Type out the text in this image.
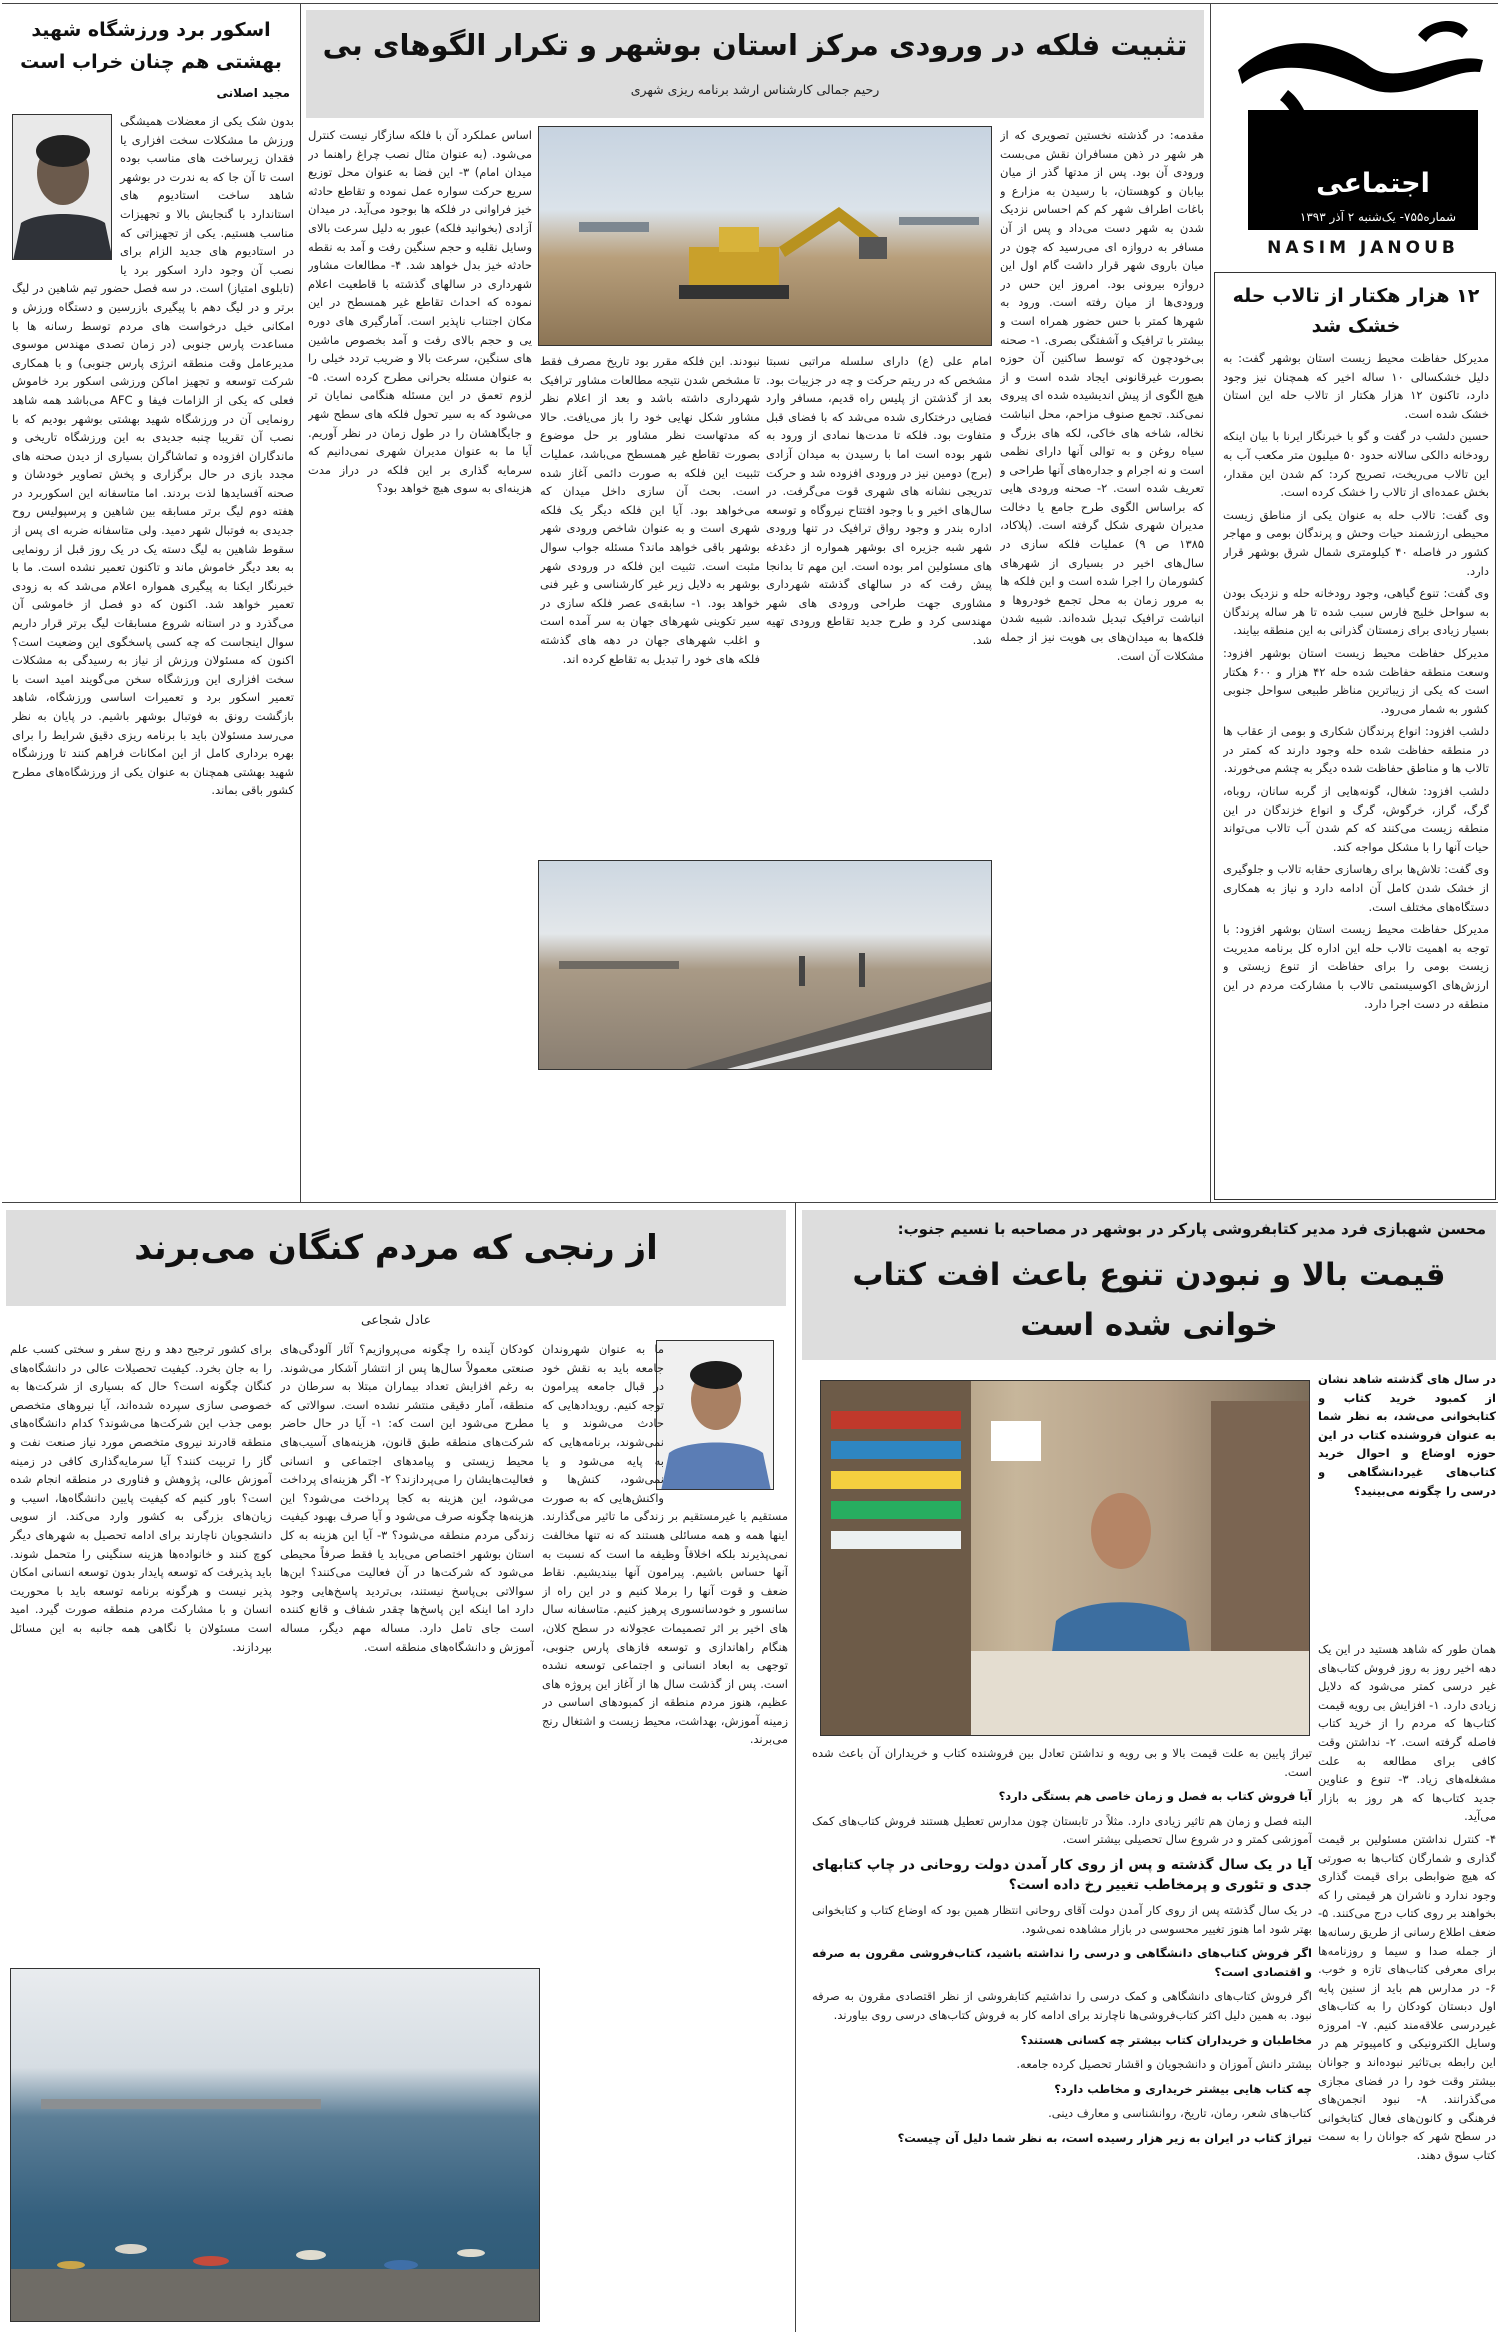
اجتماعی
شماره۷۵۵- یک‌شنبه ۲ آذر ۱۳۹۳
NASIM JANOUB
۱۲ هزار هکتار از تالاب حله خشک شد

مدیرکل حفاظت محیط زیست استان بوشهر گفت: به دلیل خشکسالی ۱۰ ساله اخیر که همچنان نیز وجود دارد، تاکنون ۱۲ هزار هکتار از تالاب حله این استان خشک شده است.

حسین دلشب در گفت و گو با خبرنگار ایرنا با بیان اینکه رودخانه دالکی سالانه حدود ۵۰ میلیون متر مکعب آب به این تالاب می‌ریخت، تصریح کرد: کم شدن این مقدار، بخش عمده‌ای از تالاب را خشک کرده است.

وی گفت: تالاب حله به عنوان یکی از مناطق زیست محیطی ارزشمند حیات وحش و پرندگان بومی و مهاجر کشور در فاصله ۴۰ کیلومتری شمال شرق بوشهر قرار دارد.

وی گفت: تنوع گیاهی، وجود رودخانه حله و نزدیک بودن به سواحل خلیج فارس سبب شده تا هر ساله پرندگان بسیار زیادی برای زمستان گذرانی به این منطقه بیایند.

مدیرکل حفاظت محیط زیست استان بوشهر افزود: وسعت منطقه حفاظت شده حله ۴۲ هزار و ۶۰۰ هکتار است که یکی از زیباترین مناظر طبیعی سواحل جنوبی کشور به شمار می‌رود.

دلشب افزود: انواع پرندگان شکاری و بومی از عقاب ها در منطقه حفاظت شده حله وجود دارند که کمتر در تالاب ها و مناطق حفاظت شده دیگر به چشم می‌خورند.

دلشب افزود: شغال، گونه‌هایی از گربه سانان، روباه، گرگ، گراز، خرگوش، گرگ و انواع خزندگان در این منطقه زیست می‌کنند که کم شدن آب تالاب می‌تواند حیات آنها را با مشکل مواجه کند.

وی گفت: تلاش‌ها برای رهاسازی حقابه تالاب و جلوگیری از خشک شدن کامل آن ادامه دارد و نیاز به همکاری دستگاه‌های مختلف است.

مدیرکل حفاظت محیط زیست استان بوشهر افزود: با توجه به اهمیت تالاب حله این اداره کل برنامه مدیریت زیست بومی را برای حفاظت از تنوع زیستی و ارزش‌های اکوسیستمی تالاب با مشارکت مردم در این منطقه در دست اجرا دارد.

تثبیت فلکه در ورودی مرکز استان بوشهر و تکرار الگوهای بی
رحیم جمالی کارشناس ارشد برنامه ریزی شهری
مقدمه: در گذشته نخستین تصویری که از هر شهر در ذهن مسافران نقش می‌بست ورودی آن بود. پس از مدتها گذر از میان بیابان و کوهستان، با رسیدن به مزارع و باغات اطراف شهر کم کم احساس نزدیک شدن به شهر دست می‌داد و پس از آن مسافر به دروازه ای می‌رسید که چون در میان باروی شهر قرار داشت گام اول این دروازه بیرونی بود. امروز این حس در ورودی‌ها از میان رفته است. ورود به شهرها کمتر با حس حضور همراه است و بیشتر با ترافیک و آشفتگی بصری. ۱- صحنه بی‌خودچون که توسط ساکنین آن حوزه بصورت غیرقانونی ایجاد شده است و از هیچ الگوی از پیش اندیشیده شده ای پیروی نمی‌کند. تجمع صنوف مزاحم، محل انباشت نخاله، شاخه های خاکی، لکه های بزرگ و سیاه روغن و به توالی آنها دارای نظمی است و نه اجرام و جداره‌های آنها طراحی و تعریف شده است. ۲- صحنه ورودی هایی که براساس الگوی طرح جامع یا دخالت مدیران شهری شکل گرفته است. (پلاکاد، ۱۳۸۵ ص ۹) عملیات فلکه سازی در سال‌های اخیر در بسیاری از شهرهای کشورمان را اجرا شده است و این فلکه ها به مرور زمان به محل تجمع خودروها و انباشت ترافیک تبدیل شده‌اند. شبیه شدن فلکه‌ها به میدان‌های بی هویت نیز از جمله مشکلات آن است.
امام علی (ع) دارای سلسله مراتبی نسبتا مشخص که در ریتم حرکت و چه در جزییات بود. بعد از گذشتن از پلیس راه قدیم، مسافر وارد فضایی درختکاری شده می‌شد که با فضای قبل متفاوت بود. فلکه تا مدت‌ها نمادی از ورود به شهر بوده است اما با رسیدن به میدان آزادی (برج) دومین نیز در ورودی افزوده شد و حرکت تدریجی نشانه های شهری قوت می‌گرفت. در سال‌های اخیر و با وجود افتتاح نیروگاه و توسعه اداره بندر و وجود رواق ترافیک در تنها ورودی شهر شبه جزیره ای بوشهر همواره از دغدغه های مسئولین امر بوده است. این مهم تا بدانجا پیش رفت که در سالهای گذشته شهرداری مشاوری جهت طراحی ورودی های شهر مهندسی کرد و طرح جدید تقاطع ورودی تهیه شد.
نبودند. این فلکه مقرر بود تاریخ مصرف فقط تا مشخص شدن نتیجه مطالعات مشاور ترافیک شهرداری داشته باشد و بعد از اعلام نظر مشاور شکل نهایی خود را باز می‌یافت. حالا که مدتهاست نظر مشاور بر حل موضوع بصورت تقاطع غیر همسطح می‌باشد، عملیات تثبیت این فلکه به صورت دائمی آغاز شده است. بحث آن سازی داخل میدان که می‌خواهد بود. آیا این فلکه دیگر یک فلکه شهری است و به عنوان شاخص ورودی شهر بوشهر باقی خواهد ماند؟ مسئله جواب سوال مثبت است. تثبیت این فلکه در ورودی شهر بوشهر به دلایل زیر غیر کارشناسی و غیر فنی خواهد بود. ۱- سابقه‌ی عصر فلکه سازی در سیر تکوینی شهرهای جهان به سر آمده است و اغلب شهرهای جهان در دهه های گذشته فلکه های خود را تبدیل به تقاطع کرده اند.
اساس عملکرد آن با فلکه سازگار نیست کنترل می‌شود. (به عنوان مثال نصب چراغ راهنما در میدان امام) ۳- این فضا به عنوان محل توزیع سریع حرکت سواره عمل نموده و تقاطع حادثه خیز فراوانی در فلکه ها بوجود می‌آید. در میدان آزادی (بخوانید فلکه) عبور به دلیل سرعت بالای وسایل نقلیه و حجم سنگین رفت و آمد به نقطه حادثه خیز بدل خواهد شد. ۴- مطالعات مشاور شهرداری در سالهای گذشته با قاطعیت اعلام نموده که احداث تقاطع غیر همسطح در این مکان اجتناب ناپذیر است. آمارگیری های دوره یی و حجم بالای رفت و آمد بخصوص ماشین های سنگین، سرعت بالا و ضریب تردد خیلی را به عنوان مسئله بحرانی مطرح کرده است. ۵- لزوم تعمق در این مسئله هنگامی نمایان تر می‌شود که به سیر تحول فلکه های سطح شهر و جایگاهشان را در طول زمان در نظر آوریم. آیا ما به عنوان مدیران شهری نمی‌دانیم که سرمایه گذاری بر این فلکه در دراز مدت هزینه‌ای به سوی هیچ خواهد بود؟
اسکور برد ورزشگاه شهید بهشتی هم چنان خراب است
مجید اصلانی
بدون شک یکی از معضلات همیشگی ورزش ما مشکلات سخت افزاری یا فقدان زیرساخت های مناسب بوده است تا آن جا که به ندرت در بوشهر شاهد ساخت استادیوم های استاندارد با گنجایش بالا و تجهیزات مناسب هستیم. یکی از تجهیزاتی که در استادیوم های جدید الزام برای نصب آن وجود دارد اسکور برد یا (تابلوی امتیاز) است. در سه فصل حضور تیم شاهین در لیگ برتر و در لیگ دهم با پیگیری بازرسین و دستگاه ورزش و امکانی خیل درخواست های مردم توسط رسانه ها با مساعدت پارس جنوبی (در زمان تصدی مهندس موسوی مدیرعامل وقت منطقه انرژی پارس جنوبی) و با همکاری شرکت توسعه و تجهیز اماکن ورزشی اسکور برد خاموش فعلی که یکی از الزامات فیفا و AFC می‌باشد همه شاهد رونمایی آن در ورزشگاه شهید بهشتی بوشهر بودیم که با نصب آن تقریبا چنبه جدیدی به این ورزشگاه تاریخی و ماندگاران افزوده و تماشاگران بسیاری از دیدن صحنه های مجدد بازی در حال برگزاری و پخش تصاویر خودشان و صحنه آفسایدها لذت بردند. اما متاسفانه این اسکوربرد در هفته دوم لیگ برتر مسابقه بین شاهین و پرسپولیس روح جدیدی به فوتبال شهر دمید. ولی متاسفانه ضربه ای پس از سقوط شاهین به لیگ دسته یک در یک روز قبل از رونمایی به بعد دیگر خاموش ماند و تاکنون تعمیر نشده است. ما با خبرنگار ایکنا به پیگیری همواره اعلام می‌شد که به زودی تعمیر خواهد شد. اکنون که دو فصل از خاموشی آن می‌گذرد و در استانه شروع مسابقات لیگ برتر قرار داریم سوال اینجاست که چه کسی پاسخگوی این وضعیت است؟ اکنون که مسئولان ورزش از نیاز به رسیدگی به مشکلات سخت افزاری این ورزشگاه سخن می‌گویند امید است با تعمیر اسکور برد و تعمیرات اساسی ورزشگاه، شاهد بازگشت رونق به فوتبال بوشهر باشیم. در پایان به نظر می‌رسد مسئولان باید با برنامه ریزی دقیق شرایط را برای بهره برداری کامل از این امکانات فراهم کنند تا ورزشگاه شهید بهشتی همچنان به عنوان یکی از ورزشگاه‌های مطرح کشور باقی بماند.
از رنجی که مردم کنگان می‌برند
عادل شجاعی
ما به عنوان شهروندان جامعه باید به نقش خود در قبال جامعه پیرامون توجه کنیم. رویدادهایی که حادث می‌شوند و یا نمی‌شوند، برنامه‌هایی که به پایه می‌شود و یا نمی‌شود، کنش‌ها و واکنش‌هایی که به صورت مستقیم یا غیرمستقیم بر زندگی ما تاثیر می‌گذارند. اینها همه و همه مسائلی هستند که نه تنها مخالفت نمی‌پذیرند بلکه اخلاقاً وظیفه ما است که نسبت به آنها حساس باشیم. پیرامون آنها بیندیشیم. نقاط ضعف و قوت آنها را برملا کنیم و در این راه از سانسور و خودسانسوری پرهیز کنیم. متاسفانه سال های اخیر بر اثر تصمیمات عجولانه در سطح کلان، هنگام راهاندازی و توسعه فازهای پارس جنوبی، توجهی به ابعاد انسانی و اجتماعی توسعه نشده است. پس از گذشت سال ها از آغاز این پروژه های عظیم، هنوز مردم منطقه از کمبودهای اساسی در زمینه آموزش، بهداشت، محیط زیست و اشتغال رنج می‌برند.
کودکان آینده را چگونه می‌پروازیم؟ آثار آلودگی‌های صنعتی معمولاً سال‌ها پس از انتشار آشکار می‌شوند. به رغم افزایش تعداد بیماران مبتلا به سرطان در منطقه، آمار دقیقی منتشر نشده است. سوالاتی که مطرح می‌شود این است که: ۱- آیا در حال حاضر شرکت‌های منطقه طبق قانون، هزینه‌های آسیب‌های محیط زیستی و پیامدهای اجتماعی و انسانی فعالیت‌هایشان را می‌پردازند؟ ۲- اگر هزینه‌ای پرداخت می‌شود، این هزینه به کجا پرداخت می‌شود؟ این هزینه‌ها چگونه صرف می‌شود و آیا صرف بهبود کیفیت زندگی مردم منطقه می‌شود؟ ۳- آیا این هزینه به کل استان بوشهر اختصاص می‌یابد یا فقط صرفاً محیطی می‌شود که شرکت‌ها در آن فعالیت می‌کنند؟ این‌ها سوالاتی بی‌پاسخ نیستند، بی‌تردید پاسخ‌هایی وجود دارد اما اینکه این پاسخ‌ها چقدر شفاف و قانع کننده است جای تامل دارد. مساله مهم دیگر، مساله آموزش و دانشگاه‌های منطقه است.
برای کشور ترجیح دهد و رنج سفر و سختی کسب علم را به جان بخرد. کیفیت تحصیلات عالی در دانشگاه‌های کنگان چگونه است؟ حال که بسیاری از شرکت‌ها به خصوصی سازی سپرده شده‌اند، آیا نیروهای متخصص بومی جذب این شرکت‌ها می‌شوند؟ کدام دانشگاه‌های منطقه قادرند نیروی متخصص مورد نیاز صنعت نفت و گاز را تربیت کنند؟ آیا سرمایه‌گذاری کافی در زمینه آموزش عالی، پژوهش و فناوری در منطقه انجام شده است؟ باور کنیم که کیفیت پایین دانشگاه‌ها، اسیب و زیان‌های بزرگی به کشور وارد می‌کند. از سویی دانشجویان ناچارند برای ادامه تحصیل به شهرهای دیگر کوچ کنند و خانواده‌ها هزینه سنگینی را متحمل شوند. باید پذیرفت که توسعه پایدار بدون توسعه انسانی امکان پذیر نیست و هرگونه برنامه توسعه باید با محوریت انسان و با مشارکت مردم منطقه صورت گیرد. امید است مسئولان با نگاهی همه جانبه به این مسائل بپردازند.
محسن شهبازی فرد مدیر کتابفروشی پارکر در بوشهر در مصاحبه با نسیم جنوب:
قیمت بالا و نبودن تنوع باعث افت کتاب خوانی شده است
در سال های گذشته شاهد نشان از کمبود خرید کتاب و کتابخوانی می‌شد، به نظر شما به عنوان فروشنده کتاب در این حوزه اوضاع و احوال خرید کتاب‌های غیردانشگاهی و درسی را چگونه می‌بینید؟

همان طور که شاهد هستید در این یک دهه اخیر روز به روز فروش کتاب‌های غیر درسی کمتر می‌شود که دلایل زیادی دارد. ۱- افزایش بی رویه قیمت کتاب‌ها که مردم را از خرید کتاب فاصله گرفته است. ۲- نداشتن وقت کافی برای مطالعه به علت مشغله‌های زیاد. ۳- تنوع و عناوین جدید کتاب‌ها که هر روز به بازار می‌آید.

۴- کنترل نداشتن مسئولین بر قیمت گذاری و شمارگان کتاب‌ها به صورتی که هیچ ضوابطی برای قیمت گذاری وجود ندارد و ناشران هر قیمتی را که بخواهند بر روی کتاب درج می‌کنند. ۵- ضعف اطلاع رسانی از طریق رسانه‌ها از جمله صدا و سیما و روزنامه‌ها برای معرفی کتاب‌های تازه و خوب. ۶- در مدارس هم باید از سنین پایه اول دبستان کودکان را به کتاب‌های غیردرسی علاقه‌مند کنیم. ۷- امروزه وسایل الکترونیکی و کامپیوتر هم در این رابطه بی‌تاثیر نبوده‌اند و جوانان بیشتر وقت خود را در فضای مجازی می‌گذرانند. ۸- نبود انجمن‌های فرهنگی و کانون‌های فعال کتابخوانی در سطح شهر که جوانان را به سمت کتاب سوق دهند.

تیراژ پایین به علت قیمت بالا و بی رویه و نداشتن تعادل بین فروشنده کتاب و خریداران آن باعث شده است.

آیا فروش کتاب به فصل و زمان خاصی هم بستگی دارد؟

البته فصل و زمان هم تاثیر زیادی دارد. مثلاً در تابستان چون مدارس تعطیل هستند فروش کتاب‌های کمک آموزشی کمتر و در شروع سال تحصیلی بیشتر است.

آیا در یک سال گذشته و پس از روی کار آمدن دولت روحانی در چاپ کتابهای جدی و تئوری و پرمخاطب تغییر رخ داده است؟

در یک سال گذشته پس از روی کار آمدن دولت آقای روحانی انتظار همین بود که اوضاع کتاب و کتابخوانی بهتر شود اما هنوز تغییر محسوسی در بازار مشاهده نمی‌شود.

اگر فروش کتاب‌های دانشگاهی و درسی را نداشته باشید، کتاب‌فروشی مقرون به صرفه و اقتصادی است؟

اگر فروش کتاب‌های دانشگاهی و کمک درسی را نداشتیم کتابفروشی از نظر اقتصادی مقرون به صرفه نبود. به همین دلیل اکثر کتاب‌فروشی‌ها ناچارند برای ادامه کار به فروش کتاب‌های درسی روی بیاورند.

مخاطبان و خریداران کتاب بیشتر چه کسانی هستند؟

بیشتر دانش آموزان و دانشجویان و اقشار تحصیل کرده جامعه.

چه کتاب هایی بیشتر خریداری و مخاطب دارد؟

کتاب‌های شعر، رمان، تاریخ، روانشناسی و معارف دینی.

تیراژ کتاب در ایران به زیر هزار رسیده است، به نظر شما دلیل آن چیست؟
